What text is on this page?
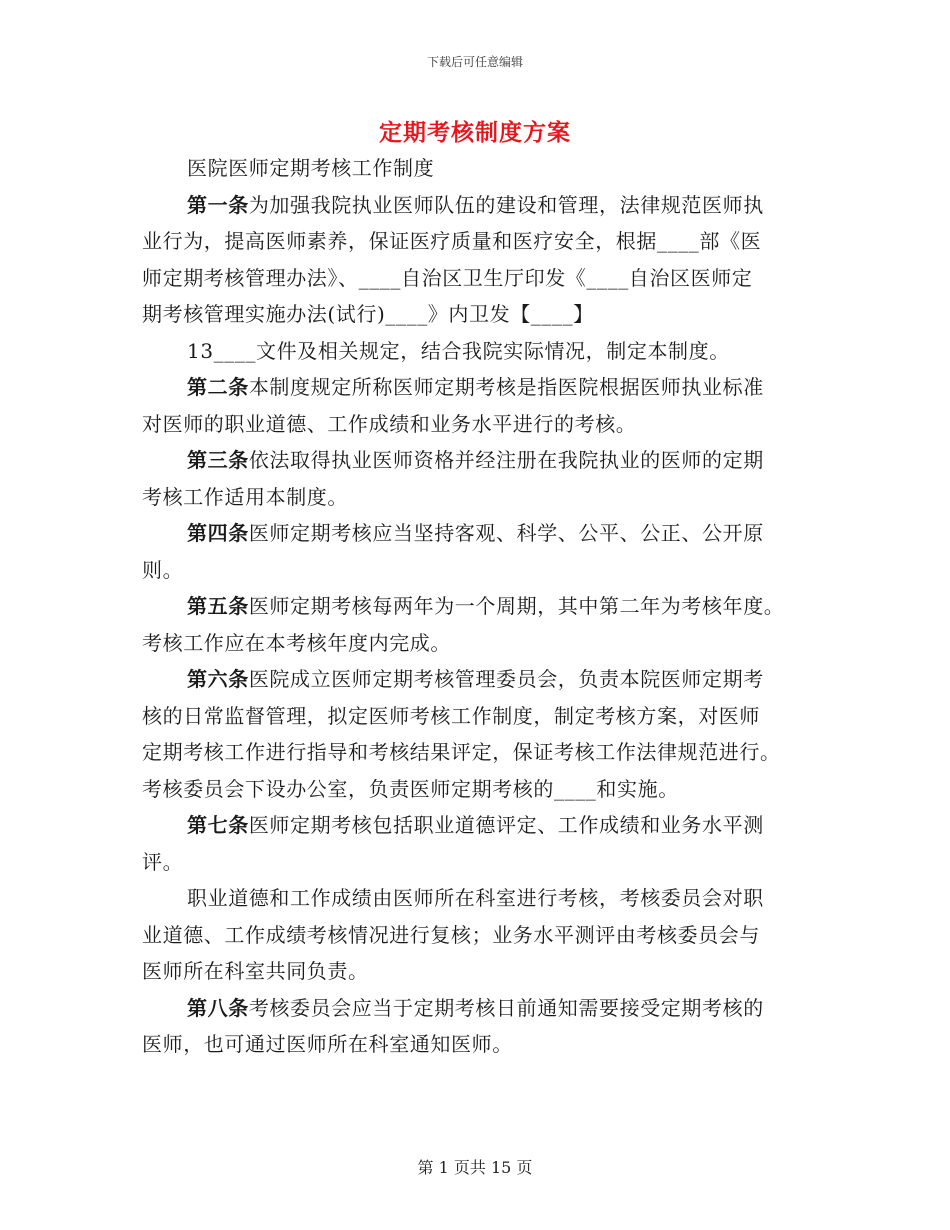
下载后可任意编辑
定期考核制度方案
医院医师定期考核工作制度
第一条为加强我院执业医师队伍的建设和管理，法律规范医师执
业行为，提高医师素养，保证医疗质量和医疗安全，根据____部《医
师定期考核管理办法》、____自治区卫生厅印发《____自治区医师定
期考核管理实施办法(试行)____》内卫发【____】
13____文件及相关规定，结合我院实际情况，制定本制度。
第二条本制度规定所称医师定期考核是指医院根据医师执业标准
对医师的职业道德、工作成绩和业务水平进行的考核。
第三条依法取得执业医师资格并经注册在我院执业的医师的定期
考核工作适用本制度。
第四条医师定期考核应当坚持客观、科学、公平、公正、公开原
则。
第五条医师定期考核每两年为一个周期，其中第二年为考核年度。
考核工作应在本考核年度内完成。
第六条医院成立医师定期考核管理委员会，负责本院医师定期考
核的日常监督管理，拟定医师考核工作制度，制定考核方案，对医师
定期考核工作进行指导和考核结果评定，保证考核工作法律规范进行。
考核委员会下设办公室，负责医师定期考核的____和实施。
第七条医师定期考核包括职业道德评定、工作成绩和业务水平测
评。
职业道德和工作成绩由医师所在科室进行考核，考核委员会对职
业道德、工作成绩考核情况进行复核；业务水平测评由考核委员会与
医师所在科室共同负责。
第八条考核委员会应当于定期考核日前通知需要接受定期考核的
医师，也可通过医师所在科室通知医师。
第 1 页共 15 页
